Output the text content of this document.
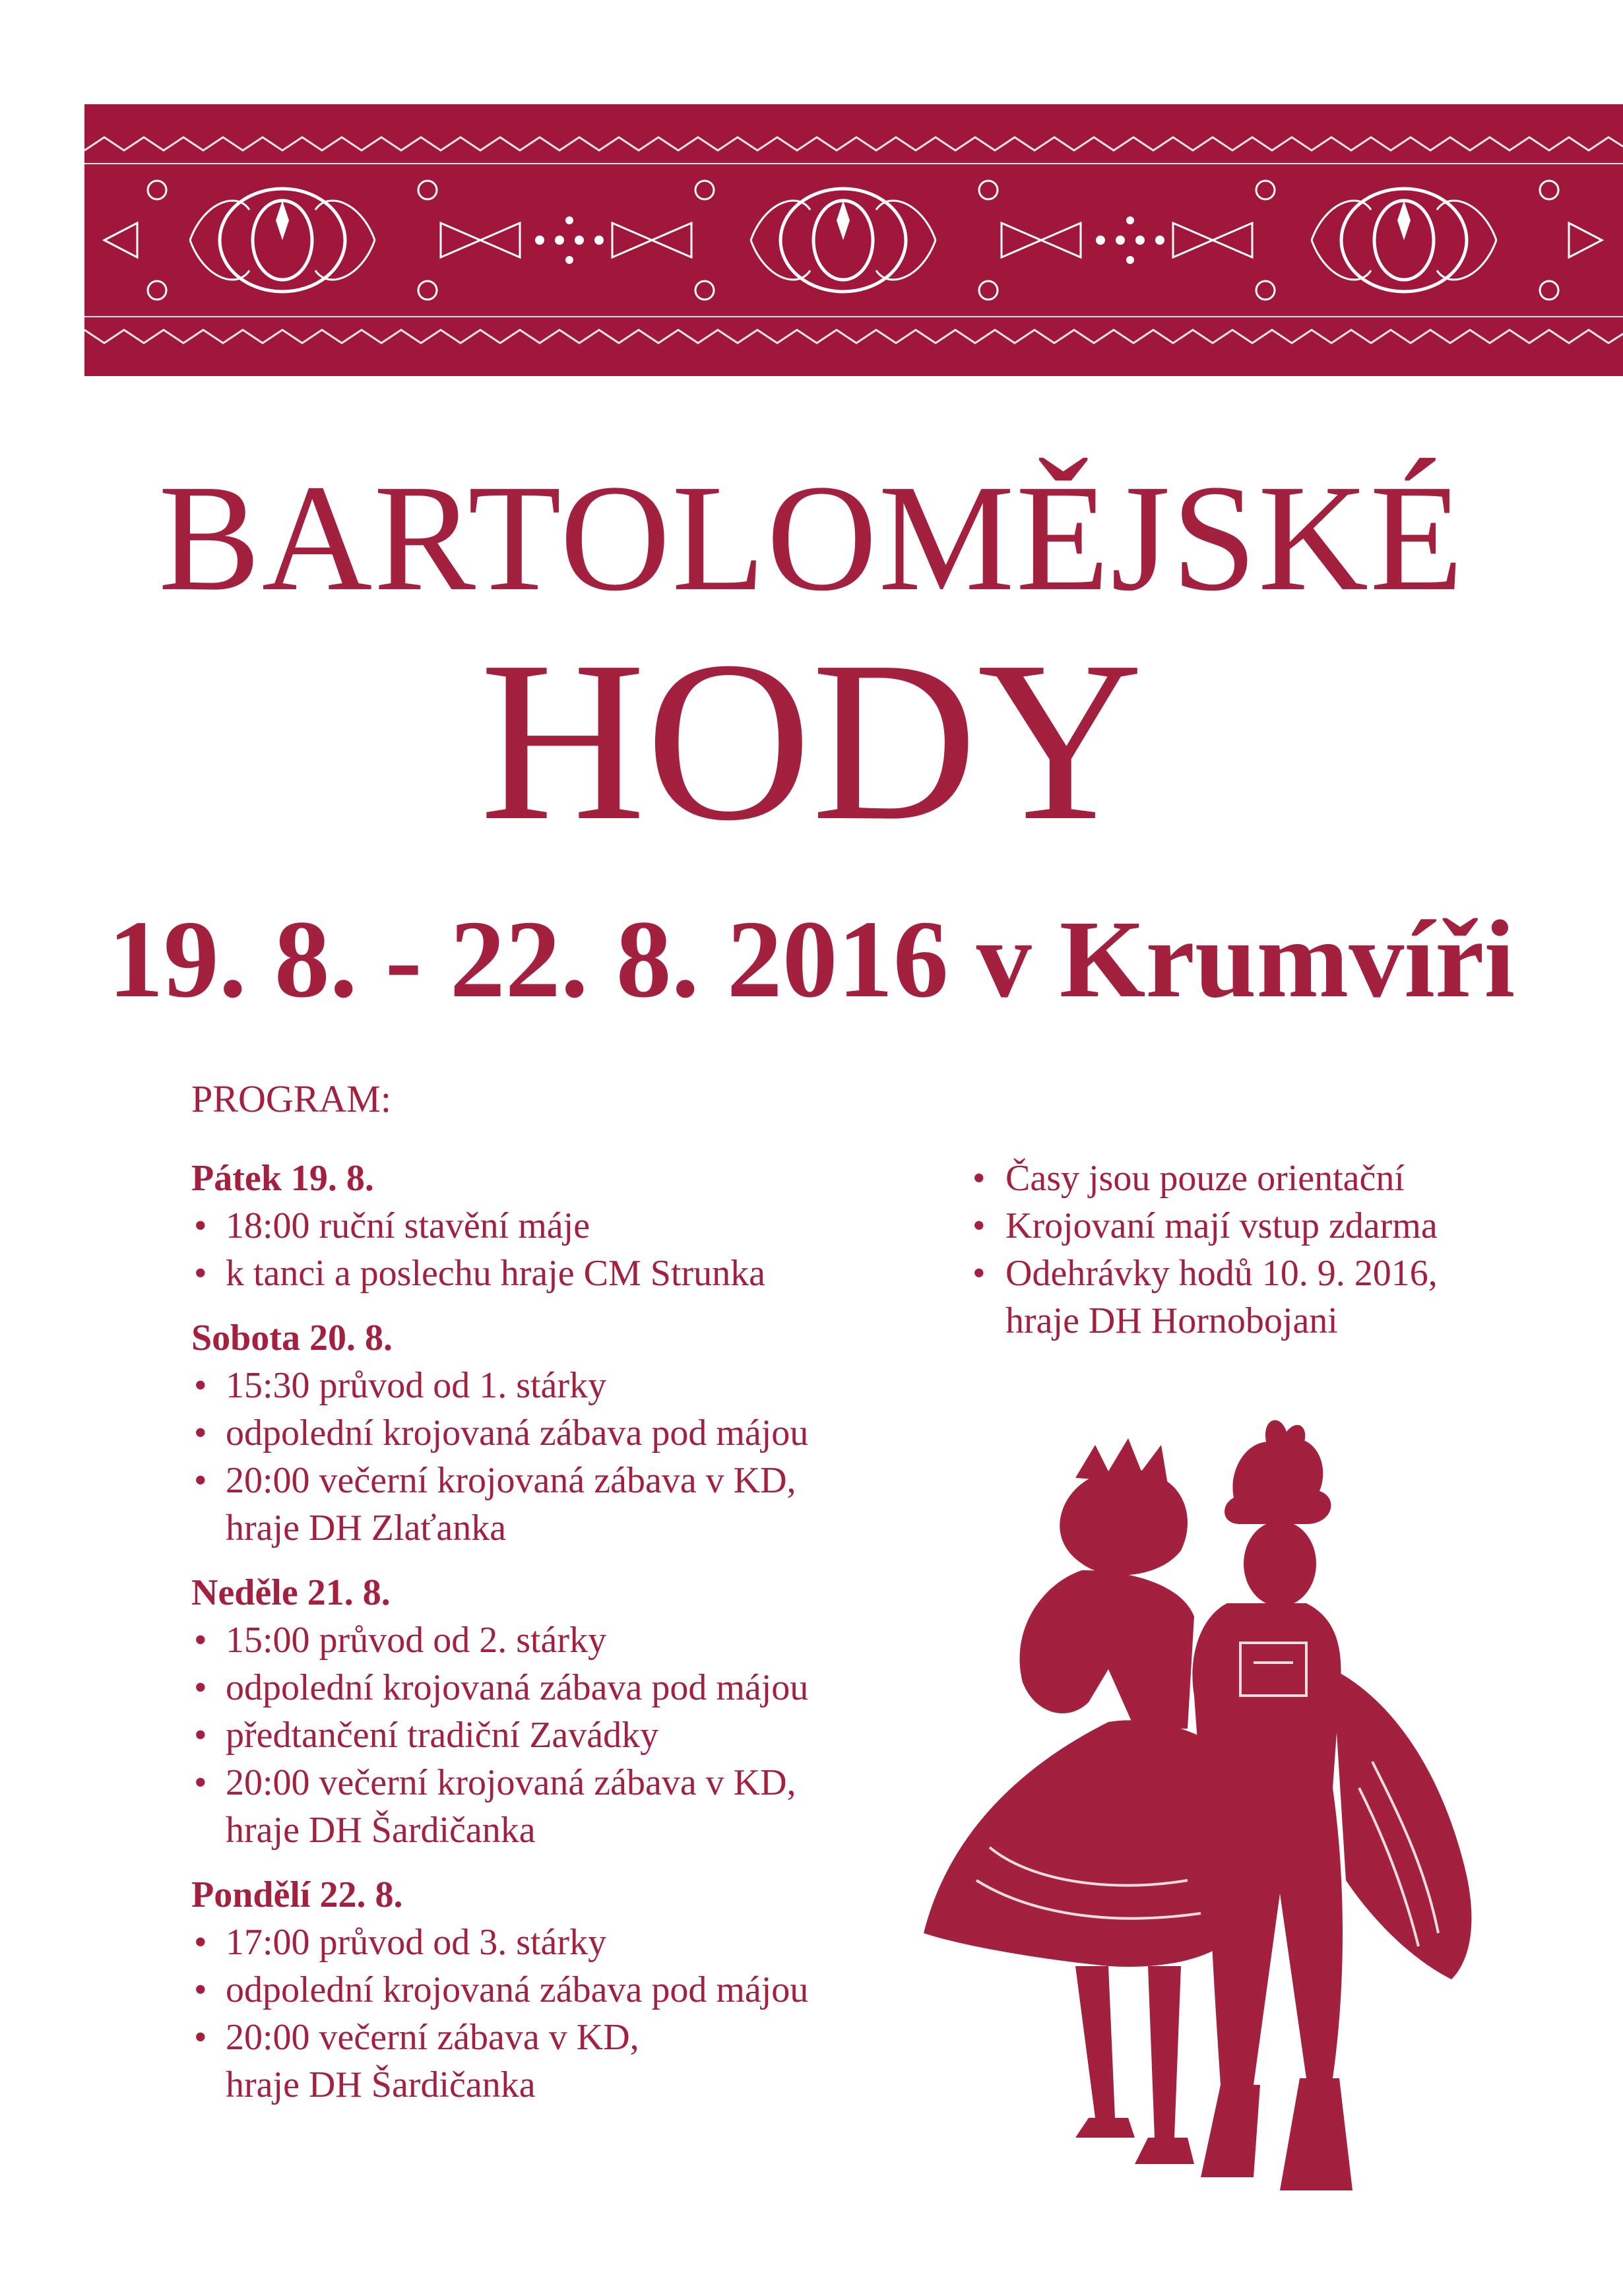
BARTOLOMĚJSKÉ
HODY
19. 8. - 22. 8. 2016 v Krumvíři
PROGRAM:
Pátek 19. 8.
• 18:00 ruční stavění máje
• k tanci a poslechu hraje CM Strunka
Sobota 20. 8.
• 15:30 průvod od 1. stárky
• odpolední krojovaná zábava pod májou
• 20:00 večerní krojovaná zábava v KD,
hraje DH Zlaťanka
Neděle 21. 8.
• 15:00 průvod od 2. stárky
• odpolední krojovaná zábava pod májou
• předtančení tradiční Zavádky
• 20:00 večerní krojovaná zábava v KD,
hraje DH Šardičanka
Pondělí 22. 8.
• 17:00 průvod od 3. stárky
• odpolední krojovaná zábava pod májou
• 20:00 večerní zábava v KD,
hraje DH Šardičanka
• Časy jsou pouze orientační
• Krojovaní mají vstup zdarma
• Odehrávky hodů 10. 9. 2016,
hraje DH Hornobojani
